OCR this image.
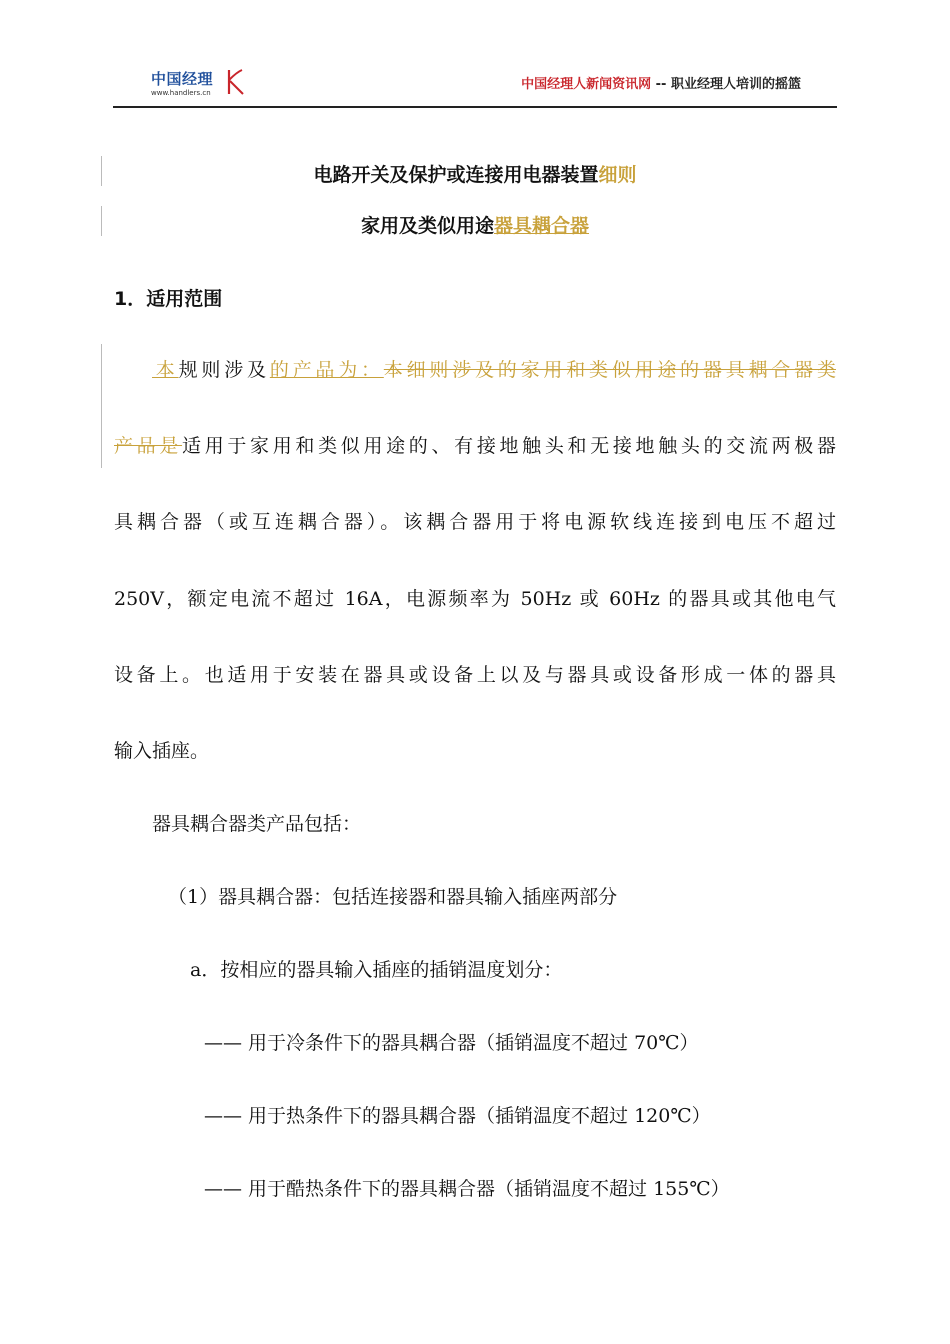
中国经理
www.handlers.cn
中国经理人新闻资讯网 -- 职业经理人培训的摇篮
电路开关及保护或连接用电器装置细则
家用及类似用途器具耦合器
1．适用范围
本规则涉及的产品为：本细则涉及的家用和类似用途的器具耦合器类
产品是适用于家用和类似用途的、有接地触头和无接地触头的交流两极器
具耦合器（或互连耦合器）。该耦合器用于将电源软线连接到电压不超过
250V，额定电流不超过 16A，电源频率为 50Hz 或 60Hz 的器具或其他电气
设备上。也适用于安装在器具或设备上以及与器具或设备形成一体的器具
输入插座。
器具耦合器类产品包括：
（1）器具耦合器：包括连接器和器具输入插座两部分
a．按相应的器具输入插座的插销温度划分：
—— 用于冷条件下的器具耦合器（插销温度不超过 70℃）
—— 用于热条件下的器具耦合器（插销温度不超过 120℃）
—— 用于酷热条件下的器具耦合器（插销温度不超过 155℃）
